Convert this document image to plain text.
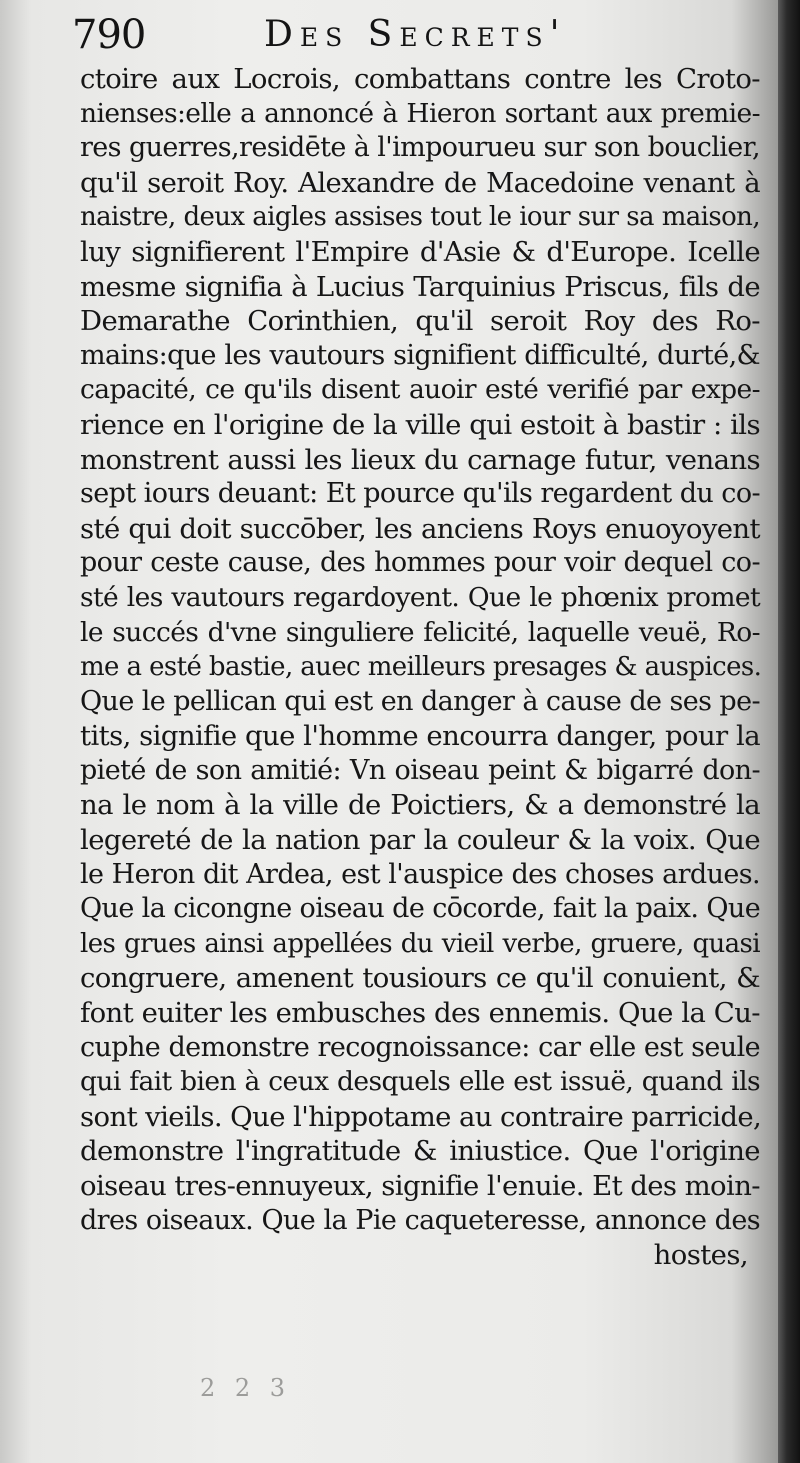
790	Des Secrets'
ctoire aux Locrois, combattans contre les Croto-
nienses:elle a annoncé à Hieron sortant aux premie-
res guerres,residēte à l'impourueu sur son bouclier,
qu'il seroit Roy. Alexandre de Macedoine venant à
naistre, deux aigles assises tout le iour sur sa maison,
luy signifierent l'Empire d'Asie & d'Europe. Icelle
mesme signifia à Lucius Tarquinius Priscus, fils de
Demarathe Corinthien, qu'il seroit Roy des Ro-
mains:que les vautours signifient difficulté, durté,&
capacité, ce qu'ils disent auoir esté verifié par expe-
rience en l'origine de la ville qui estoit à bastir : ils
monstrent aussi les lieux du carnage futur, venans
sept iours deuant: Et pource qu'ils regardent du co-
sté qui doit succōber, les anciens Roys enuoyoyent
pour ceste cause, des hommes pour voir dequel co-
sté les vautours regardoyent. Que le phœnix promet
le succés d'vne singuliere felicité, laquelle veuë, Ro-
me a esté bastie, auec meilleurs presages & auspices.
Que le pellican qui est en danger à cause de ses pe-
tits, signifie que l'homme encourra danger, pour la
pieté de son amitié: Vn oiseau peint & bigarré don-
na le nom à la ville de Poictiers, & a demonstré la
legereté de la nation par la couleur & la voix. Que
le Heron dit Ardea, est l'auspice des choses ardues.
Que la cicongne oiseau de cōcorde, fait la paix. Que
les grues ainsi appellées du vieil verbe, gruere, quasi
congruere, amenent tousiours ce qu'il conuient, &
font euiter les embusches des ennemis. Que la Cu-
cuphe demonstre recognoissance: car elle est seule
qui fait bien à ceux desquels elle est issuë, quand ils
sont vieils. Que l'hippotame au contraire parricide,
demonstre l'ingratitude & iniustice. Que l'origine
oiseau tres-ennuyeux, signifie l'enuie. Et des moin-
dres oiseaux. Que la Pie caqueteresse, annonce des
hostes,
2 2 3
